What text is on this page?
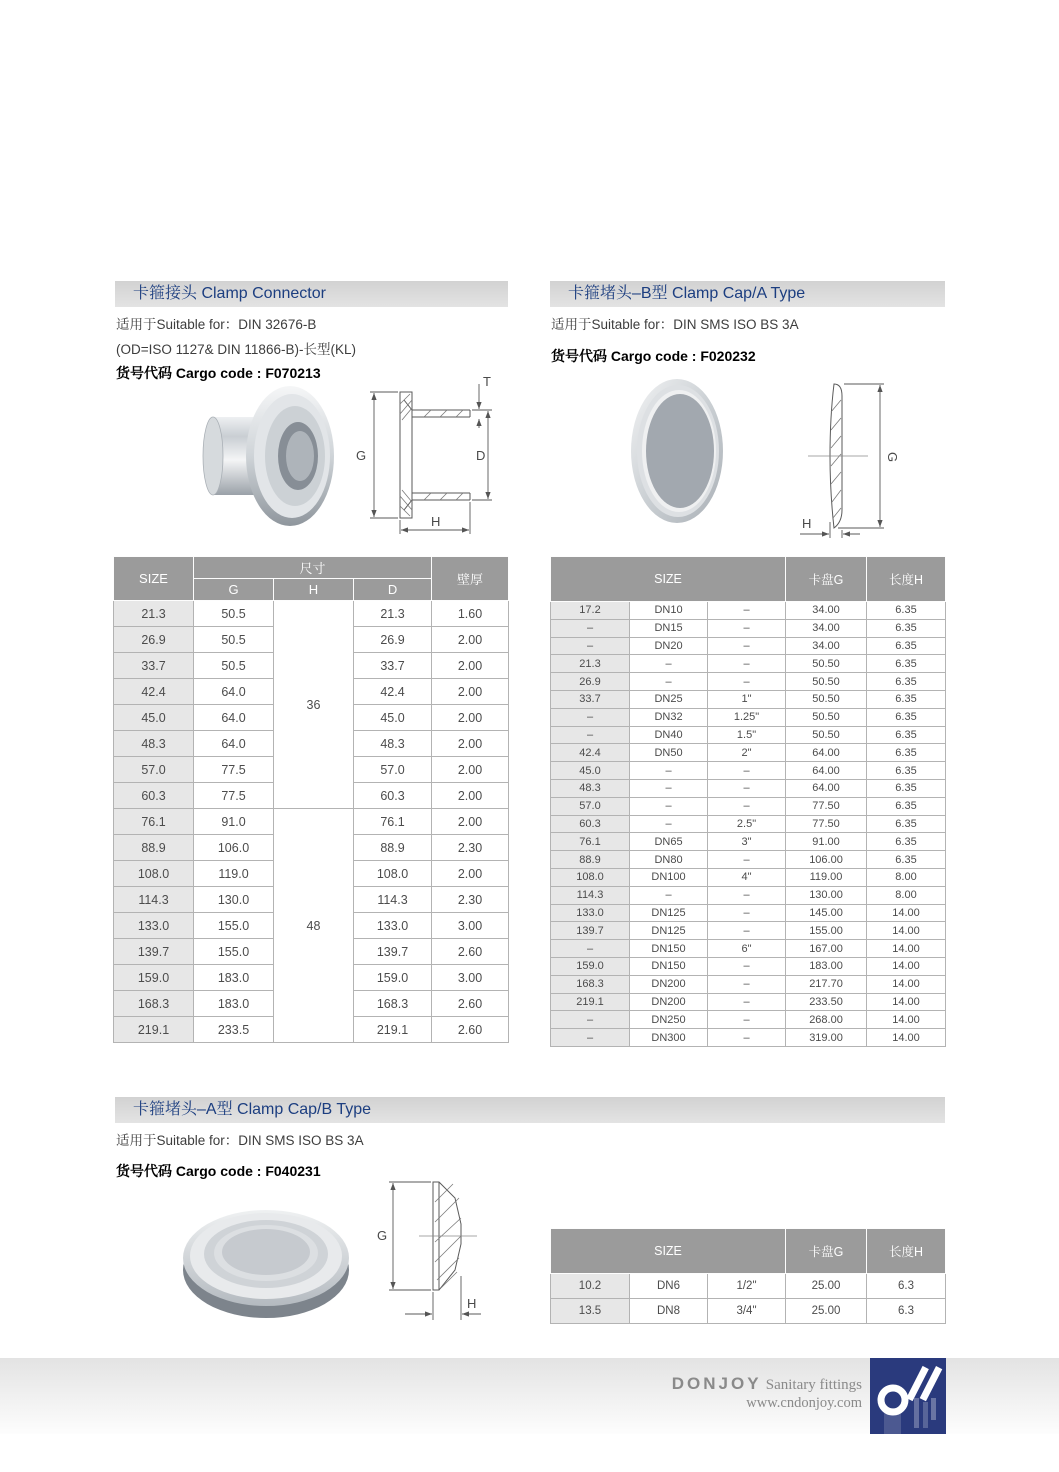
卡箍接头 Clamp Connector
适用于Suitable for：DIN 32676-B
(OD=ISO 1127& DIN 11866-B)-长型(KL)
货号代码 Cargo code : F070213
G	D
T
H
SIZE	尺寸			壁厚
	G	H	D	
21.3	50.5	36	21.3	1.60
26.9	50.5		26.9	2.00
33.7	50.5		33.7	2.00
42.4	64.0		42.4	2.00
45.0	64.0		45.0	2.00
48.3	64.0		48.3	2.00
57.0	77.5		57.0	2.00
60.3	77.5		60.3	2.00
76.1	91.0	48	76.1	2.00
88.9	106.0		88.9	2.30
108.0	119.0		108.0	2.00
114.3	130.0		114.3	2.30
133.0	155.0		133.0	3.00
139.7	155.0		139.7	2.60
159.0	183.0		159.0	3.00
168.3	183.0		168.3	2.60
219.1	233.5		219.1	2.60
卡箍堵头–B型 Clamp Cap/A Type
适用于Suitable for：DIN SMS ISO BS 3A
货号代码 Cargo code : F020232
G
H
SIZE			卡盘G	长度H
17.2	DN10	–	34.00	6.35
–	DN15	–	34.00	6.35
–	DN20	–	34.00	6.35
21.3	–	–	50.50	6.35
26.9	–	–	50.50	6.35
33.7	DN25	1"	50.50	6.35
–	DN32	1.25"	50.50	6.35
–	DN40	1.5"	50.50	6.35
42.4	DN50	2"	64.00	6.35
45.0	–	–	64.00	6.35
48.3	–	–	64.00	6.35
57.0	–	–	77.50	6.35
60.3	–	2.5"	77.50	6.35
76.1	DN65	3"	91.00	6.35
88.9	DN80	–	106.00	6.35
108.0	DN100	4"	119.00	8.00
114.3	–	–	130.00	8.00
133.0	DN125	–	145.00	14.00
139.7	DN125	–	155.00	14.00
–	DN150	6"	167.00	14.00
159.0	DN150	–	183.00	14.00
168.3	DN200	–	217.70	14.00
219.1	DN200	–	233.50	14.00
–	DN250	–	268.00	14.00
–	DN300	–	319.00	14.00
卡箍堵头–A型 Clamp Cap/B Type
适用于Suitable for：DIN SMS ISO BS 3A
货号代码 Cargo code : F040231
G
H
SIZE			卡盘G	长度H
10.2	DN6	1/2"	25.00	6.3
13.5	DN8	3/4"	25.00	6.3
DONJOY Sanitary fittings
www.cndonjoy.com
